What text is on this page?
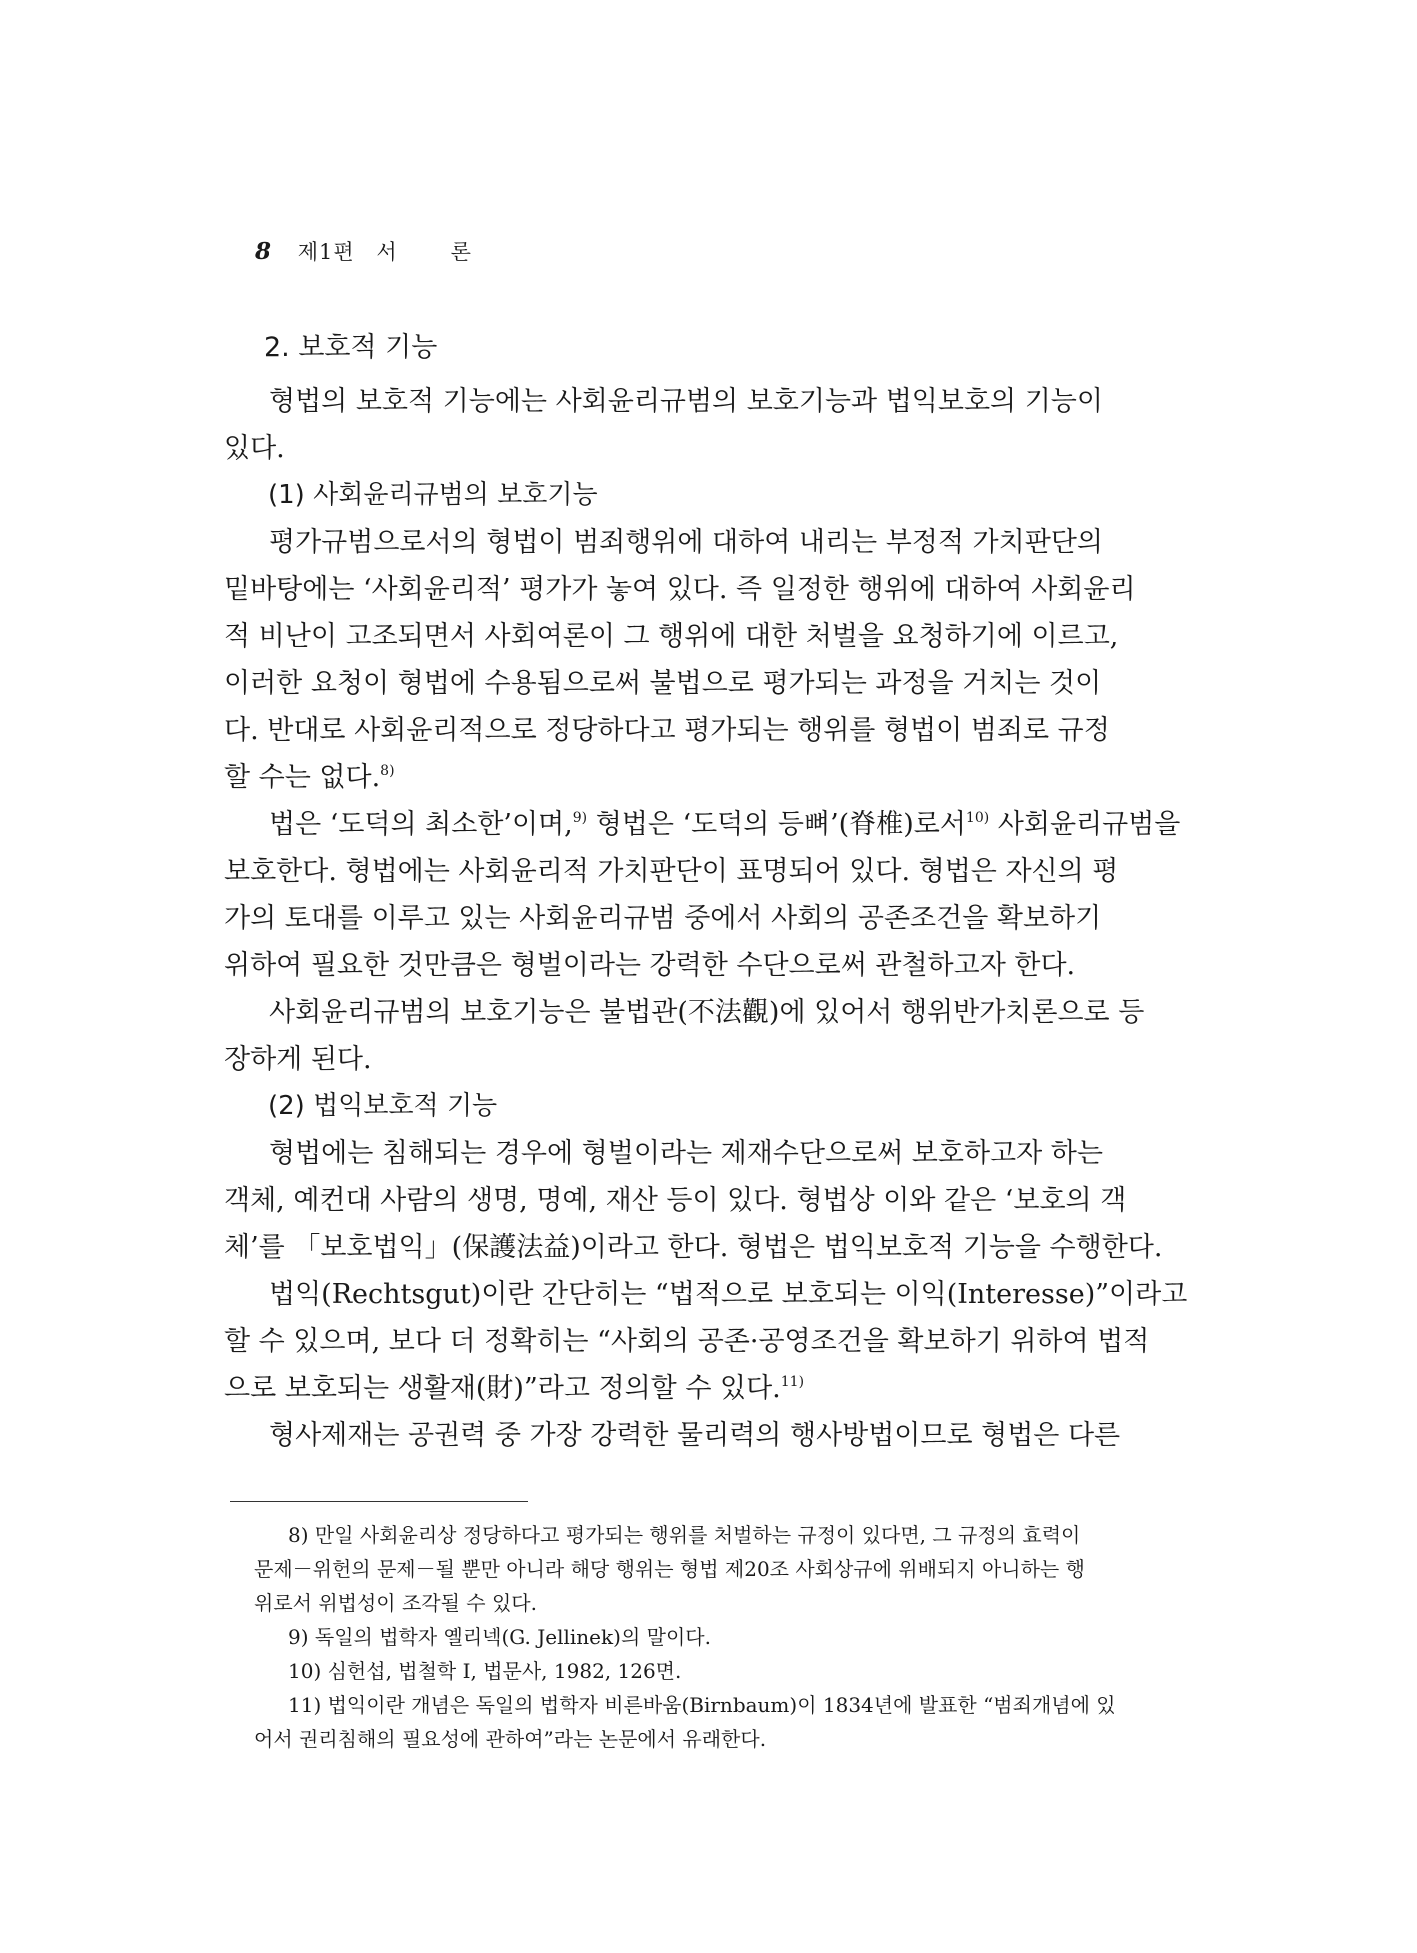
8 제1편 서   론
2. 보호적 기능
형법의 보호적 기능에는 사회윤리규범의 보호기능과 법익보호의 기능이
있다.
(1) 사회윤리규범의 보호기능
평가규범으로서의 형법이 범죄행위에 대하여 내리는 부정적 가치판단의
밑바탕에는 ‘사회윤리적’ 평가가 놓여 있다. 즉 일정한 행위에 대하여 사회윤리
적 비난이 고조되면서 사회여론이 그 행위에 대한 처벌을 요청하기에 이르고,
이러한 요청이 형법에 수용됨으로써 불법으로 평가되는 과정을 거치는 것이
다. 반대로 사회윤리적으로 정당하다고 평가되는 행위를 형법이 범죄로 규정
할 수는 없다.$^{8)}$
법은 ‘도덕의 최소한’이며,$^{9)}$ 형법은 ‘도덕의 등뼈’(脊椎)로서$^{10)}$ 사회윤리규범을
보호한다. 형법에는 사회윤리적 가치판단이 표명되어 있다. 형법은 자신의 평
가의 토대를 이루고 있는 사회윤리규범 중에서 사회의 공존조건을 확보하기
위하여 필요한 것만큼은 형벌이라는 강력한 수단으로써 관철하고자 한다.
사회윤리규범의 보호기능은 불법관(不法觀)에 있어서 행위반가치론으로 등
장하게 된다.
(2) 법익보호적 기능
형법에는 침해되는 경우에 형벌이라는 제재수단으로써 보호하고자 하는
객체, 예컨대 사람의 생명, 명예, 재산 등이 있다. 형법상 이와 같은 ‘보호의 객
체’를 「보호법익」(保護法益)이라고 한다. 형법은 법익보호적 기능을 수행한다.
법익(Rechtsgut)이란 간단히는 “법적으로 보호되는 이익(Interesse)”이라고
할 수 있으며, 보다 더 정확히는 “사회의 공존·공영조건을 확보하기 위하여 법적
으로 보호되는 생활재(財)”라고 정의할 수 있다.$^{11)}$
형사제재는 공권력 중 가장 강력한 물리력의 행사방법이므로 형법은 다른
8) 만일 사회윤리상 정당하다고 평가되는 행위를 처벌하는 규정이 있다면, 그 규정의 효력이
문제－위헌의 문제－될 뿐만 아니라 해당 행위는 형법 제20조 사회상규에 위배되지 아니하는 행
위로서 위법성이 조각될 수 있다.
9) 독일의 법학자 옐리넥(G. Jellinek)의 말이다.
10) 심헌섭, 법철학 Ⅰ, 법문사, 1982, 126면.
11) 법익이란 개념은 독일의 법학자 비른바움(Birnbaum)이 1834년에 발표한 “범죄개념에 있
어서 권리침해의 필요성에 관하여”라는 논문에서 유래한다.
